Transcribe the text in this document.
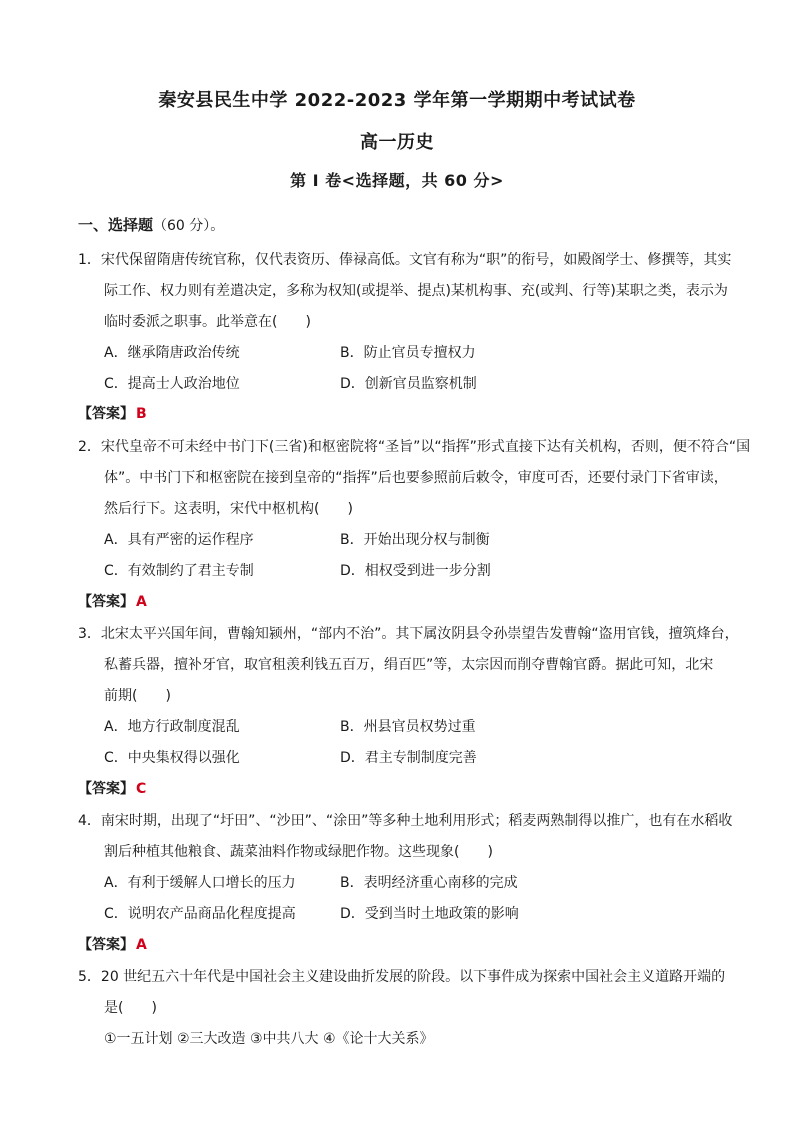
秦安县民生中学 2022-2023 学年第一学期期中考试试卷
高一历史
第 I 卷<选择题，共 60 分>
一、选择题（60 分）。
1．宋代保留隋唐传统官称，仅代表资历、俸禄高低。文官有称为“职”的衔号，如殿阁学士、修撰等，其实
际工作、权力则有差遣决定，多称为权知(或提举、提点)某机构事、充(或判、行等)某职之类，表示为
临时委派之职事。此举意在(　　)
A．继承隋唐政治传统	B．防止官员专擅权力
C．提高士人政治地位	D．创新官员监察机制
【答案】 B
2．宋代皇帝不可未经中书门下(三省)和枢密院将“圣旨”以“指挥”形式直接下达有关机构，否则，便不符合“国
体”。中书门下和枢密院在接到皇帝的“指挥”后也要参照前后敕令，审度可否，还要付录门下省审读，
然后行下。这表明，宋代中枢机构(　　)
A．具有严密的运作程序	B．开始出现分权与制衡
C．有效制约了君主专制	D．相权受到进一步分割
【答案】 A
3．北宋太平兴国年间，曹翰知颍州，“部内不治”。其下属汝阴县令孙崇望告发曹翰“盗用官钱，擅筑烽台，
私蓄兵器，擅补牙官，取官租羡利钱五百万，绢百匹”等，太宗因而削夺曹翰官爵。据此可知，北宋
前期(　　)
A．地方行政制度混乱	B．州县官员权势过重
C．中央集权得以强化	D．君主专制制度完善
【答案】 C
4．南宋时期，出现了“圩田”、“沙田”、“涂田”等多种土地利用形式；稻麦两熟制得以推广，也有在水稻收
割后种植其他粮食、蔬菜油料作物或绿肥作物。这些现象(　　)
A．有利于缓解人口增长的压力	B．表明经济重心南移的完成
C．说明农产品商品化程度提高	D．受到当时土地政策的影响
【答案】 A
5．20 世纪五六十年代是中国社会主义建设曲折发展的阶段。以下事件成为探索中国社会主义道路开端的
是(　　)
①一五计划 ②三大改造 ③中共八大 ④《论十大关系》
